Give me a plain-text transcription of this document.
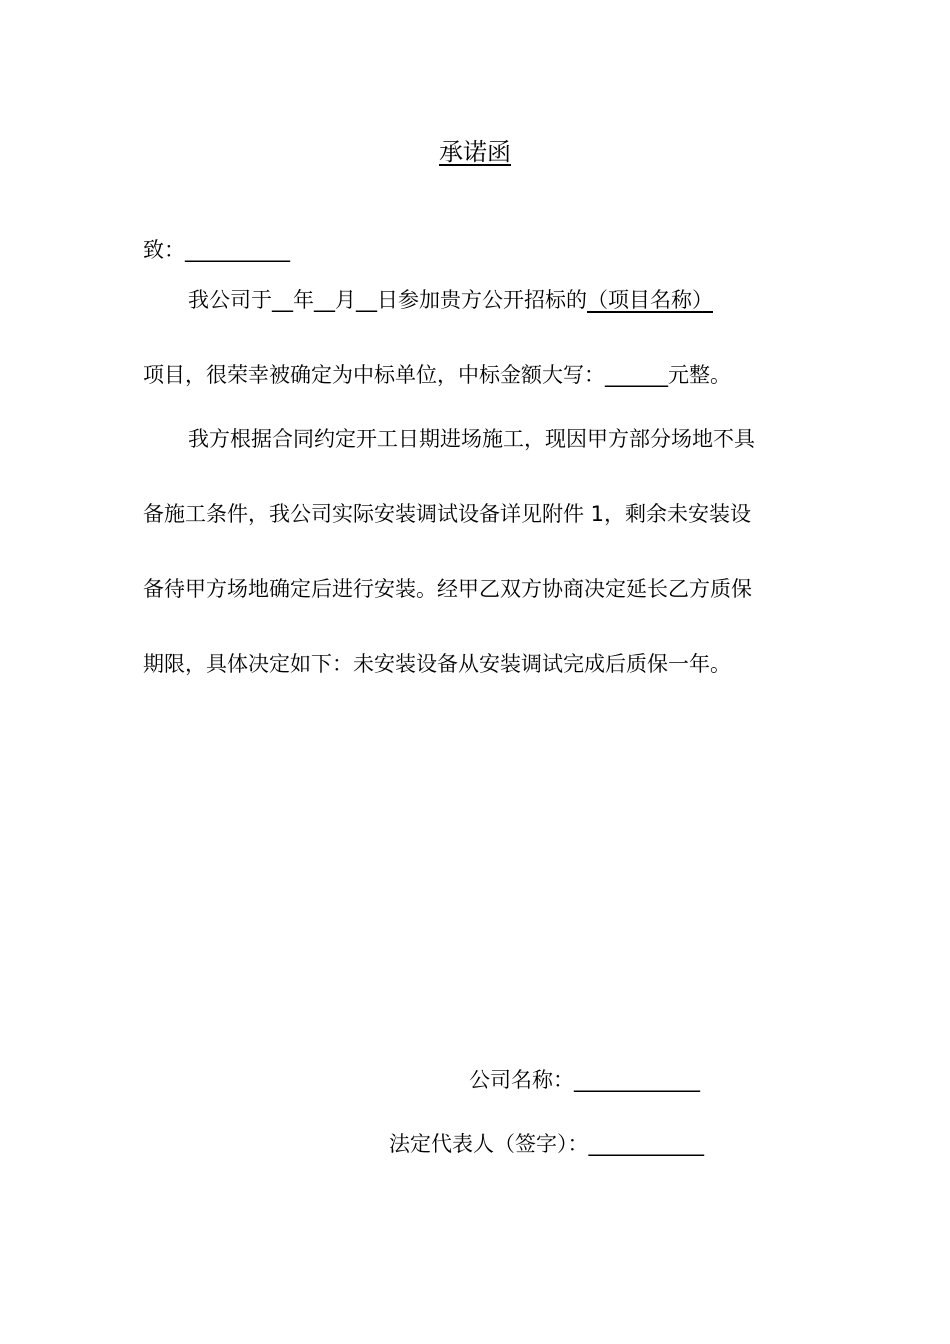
承诺函
致：__________
我公司于__年__月__日参加贵方公开招标的（项目名称）
项目，很荣幸被确定为中标单位，中标金额大写：______元整。
我方根据合同约定开工日期进场施工，现因甲方部分场地不具
备施工条件，我公司实际安装调试设备详见附件 1，剩余未安装设
备待甲方场地确定后进行安装。经甲乙双方协商决定延长乙方质保
期限，具体决定如下：未安装设备从安装调试完成后质保一年。
公司名称：____________
法定代表人（签字）：___________
